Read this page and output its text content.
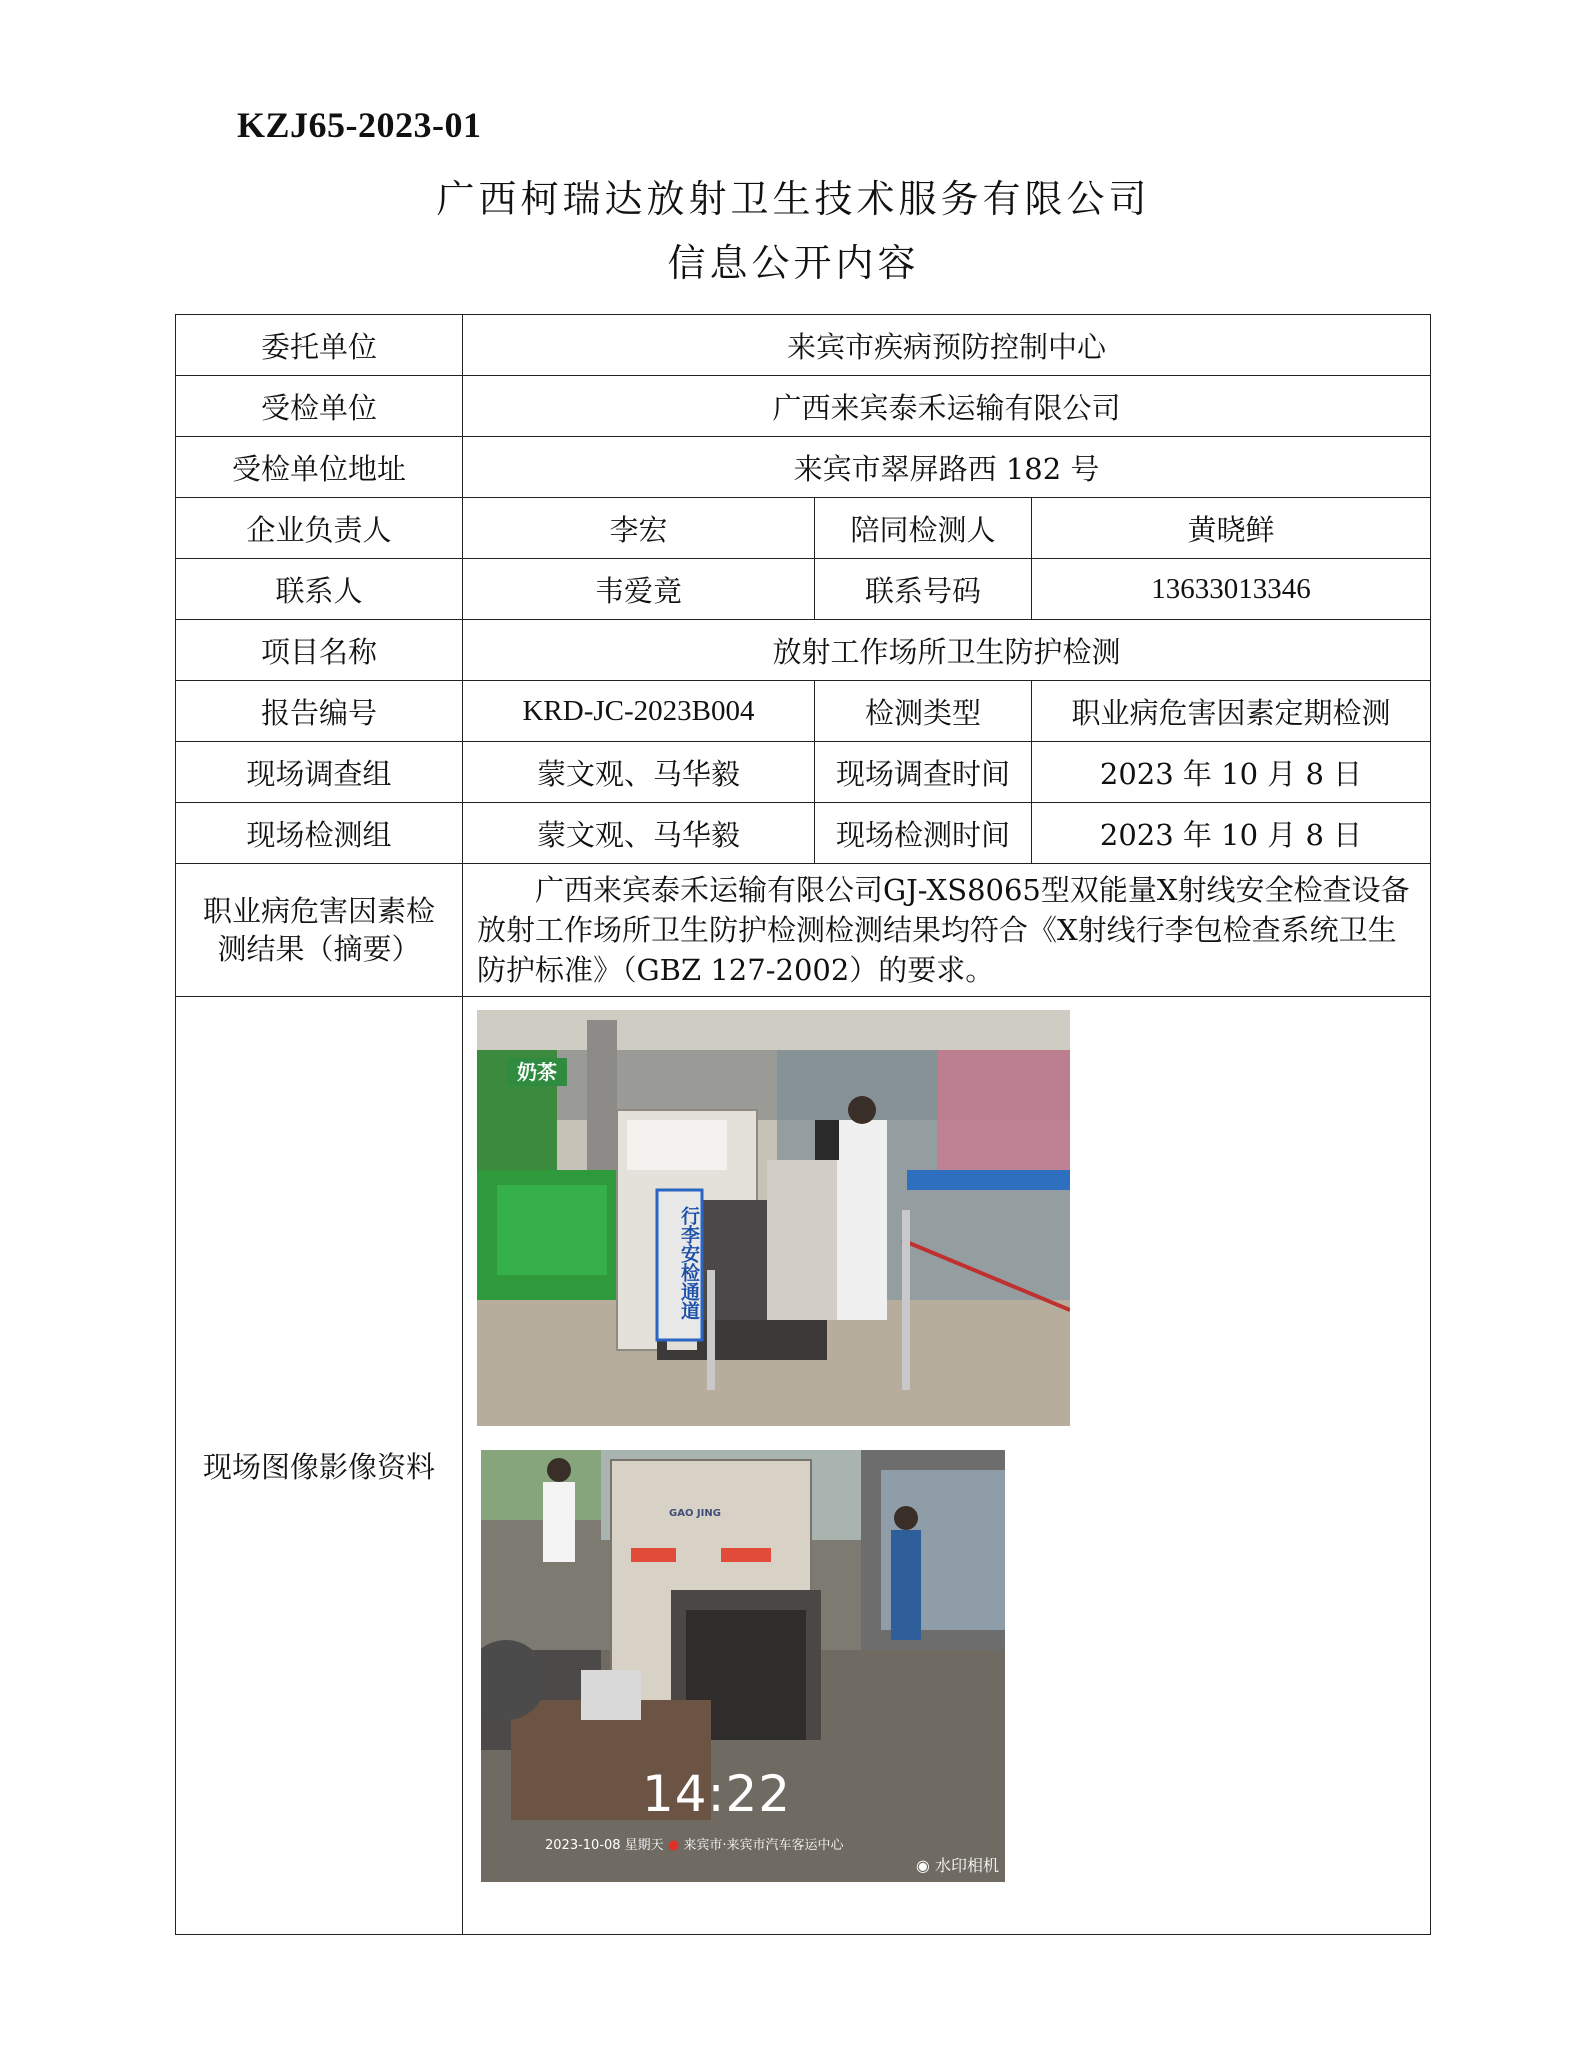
KZJ65-2023-01
广西柯瑞达放射卫生技术服务有限公司
信息公开内容
委托单位	来宾市疾病预防控制中心		
受检单位	广西来宾泰禾运输有限公司		
受检单位地址	来宾市翠屏路西 182 号		
企业负责人	李宏	陪同检测人	黄晓鲜
联系人	韦爱竟	联系号码	13633013346
项目名称	放射工作场所卫生防护检测		
报告编号	KRD-JC-2023B004	检测类型	职业病危害因素定期检测
现场调查组	蒙文观、马华毅	现场调查时间	2023 年 10 月 8 日
现场检测组	蒙文观、马华毅	现场检测时间	2023 年 10 月 8 日

职业病危害因素检
测结果（摘要）	广西来宾泰禾运输有限公司GJ-XS8065型双能量X射线安全检查设备放射工作场所卫生防护检测检测结果均符合《X射线行李包检查系统卫生防护标准》（GBZ 127-2002）的要求。		

现场图像影像资料			
奶茶
行李安检通道
GAO JING
14:22
2023-10-08 星期天 ● 来宾市·来宾市汽车客运中心
◉ 水印相机
